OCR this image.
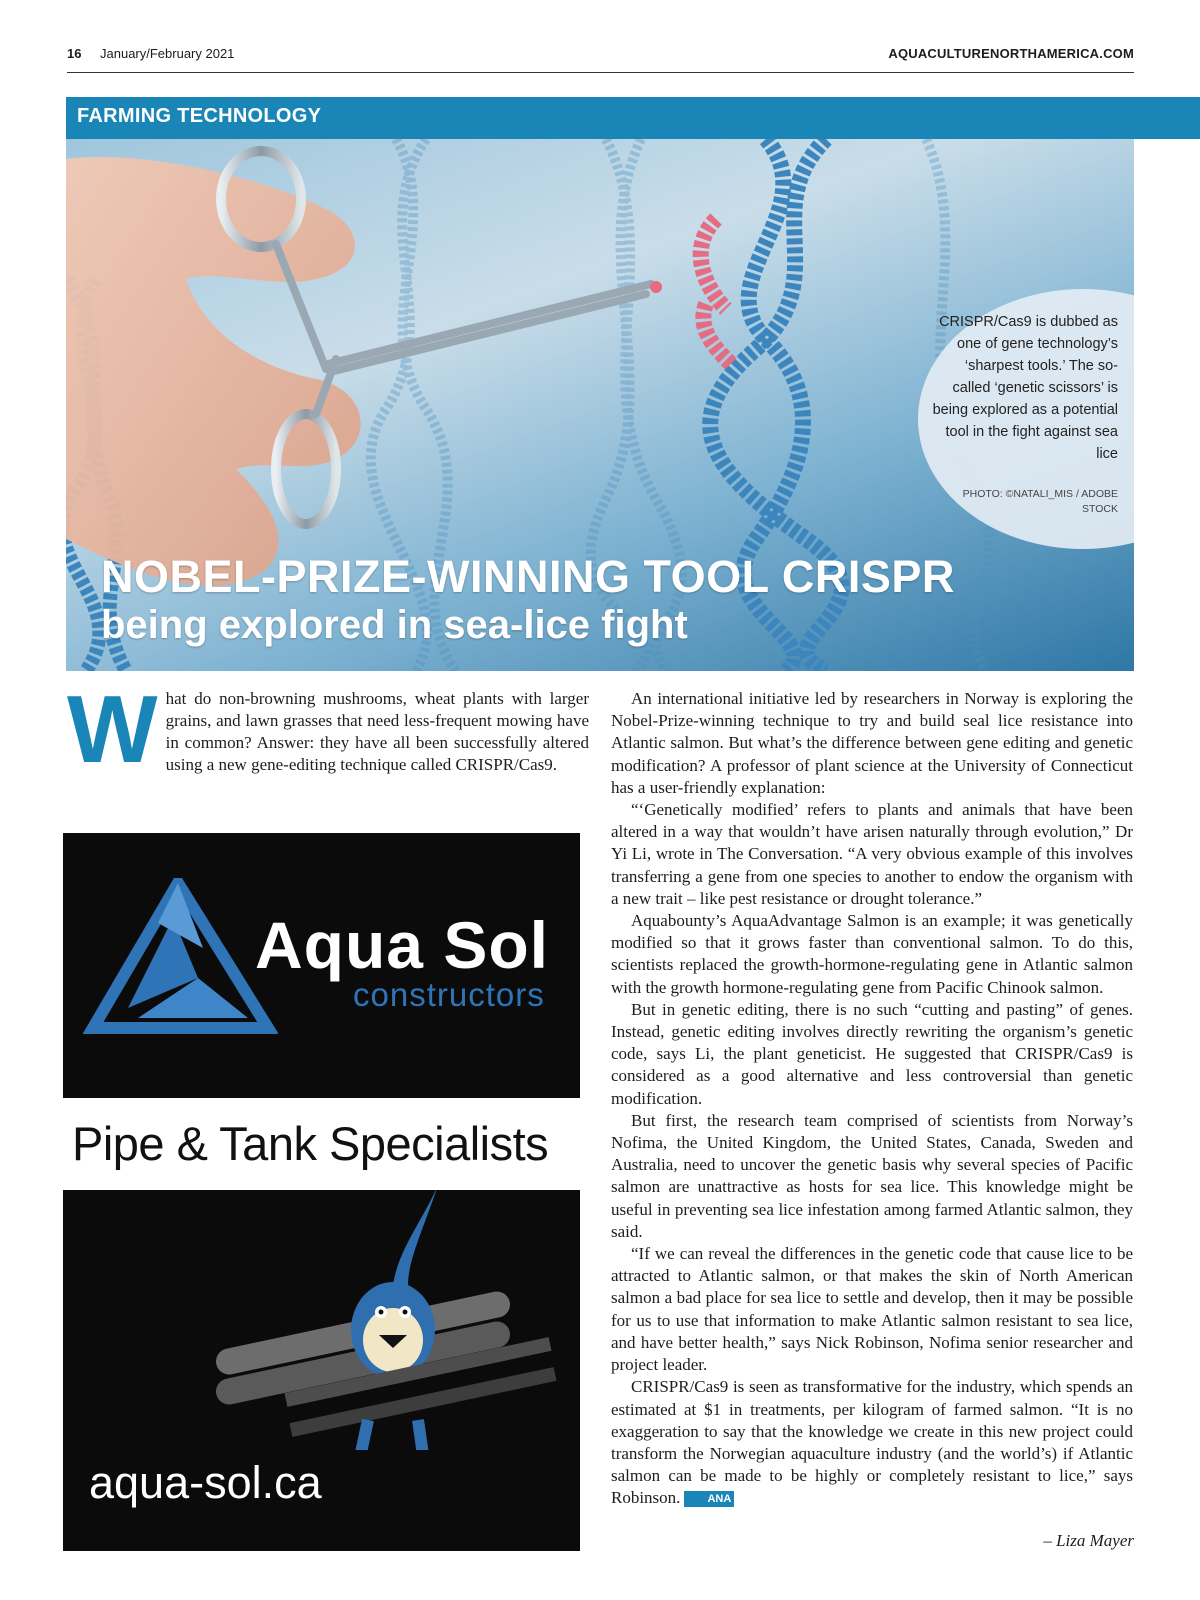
16 January/February 2021	AQUACULTURENORTHAMERICA.COM
FARMING TECHNOLOGY
CRISPR/Cas9 is dubbed as one of gene technology’s ‘sharpest tools.’ The so-called ‘genetic scissors’ is being explored as a potential tool in the fight against sea lice
PHOTO: ©NATALI_MIS / ADOBE STOCK
NOBEL-PRIZE-WINNING TOOL CRISPR
being explored in sea-lice fight
W hat do non-browning mushrooms, wheat plants with larger grains, and lawn grasses that need less-frequent mowing have in common? Answer: they have all been successfully altered using a new gene-editing technique called CRISPR/Cas9.
Aqua Sol
constructors
Pipe & Tank Specialists
aqua-sol.ca

An international initiative led by researchers in Norway is exploring the Nobel-Prize-winning technique to try and build seal lice resistance into Atlantic salmon. But what’s the difference between gene editing and genetic modification? A professor of plant science at the University of Connecticut has a user-friendly explanation:

“‘Genetically modified’ refers to plants and animals that have been altered in a way that wouldn’t have arisen naturally through evolution,” Dr Yi Li, wrote in The Conversation. “A very obvious example of this involves transferring a gene from one species to another to endow the organism with a new trait – like pest resistance or drought tolerance.”

Aquabounty’s AquaAdvantage Salmon is an example; it was genetically modified so that it grows faster than conventional salmon. To do this, scientists replaced the growth-hormone-regulating gene in Atlantic salmon with the growth hormone-regulating gene from Pacific Chinook salmon.

But in genetic editing, there is no such “cutting and pasting” of genes. Instead, genetic editing involves directly rewriting the organism’s genetic code, says Li, the plant geneticist. He suggested that CRISPR/Cas9 is considered as a good alternative and less controversial than genetic modification.

But first, the research team comprised of scientists from Norway’s Nofima, the United Kingdom, the United States, Canada, Sweden and Australia, need to uncover the genetic basis why several species of Pacific salmon are unattractive as hosts for sea lice. This knowledge might be useful in preventing sea lice infestation among farmed Atlantic salmon, they said.

“If we can reveal the differences in the genetic code that cause lice to be attracted to Atlantic salmon, or that makes the skin of North American salmon a bad place for sea lice to settle and develop, then it may be possible for us to use that information to make Atlantic salmon resistant to sea lice, and have better health,” says Nick Robinson, Nofima senior researcher and project leader.

CRISPR/Cas9 is seen as transformative for the industry, which spends an estimated at $1 in treatments, per kilogram of farmed salmon. “It is no exaggeration to say that the knowledge we create in this new project could transform the Norwegian aquaculture industry (and the world’s) if Atlantic salmon can be made to be highly or completely resistant to lice,” says Robinson. ANA

– Liza Mayer
